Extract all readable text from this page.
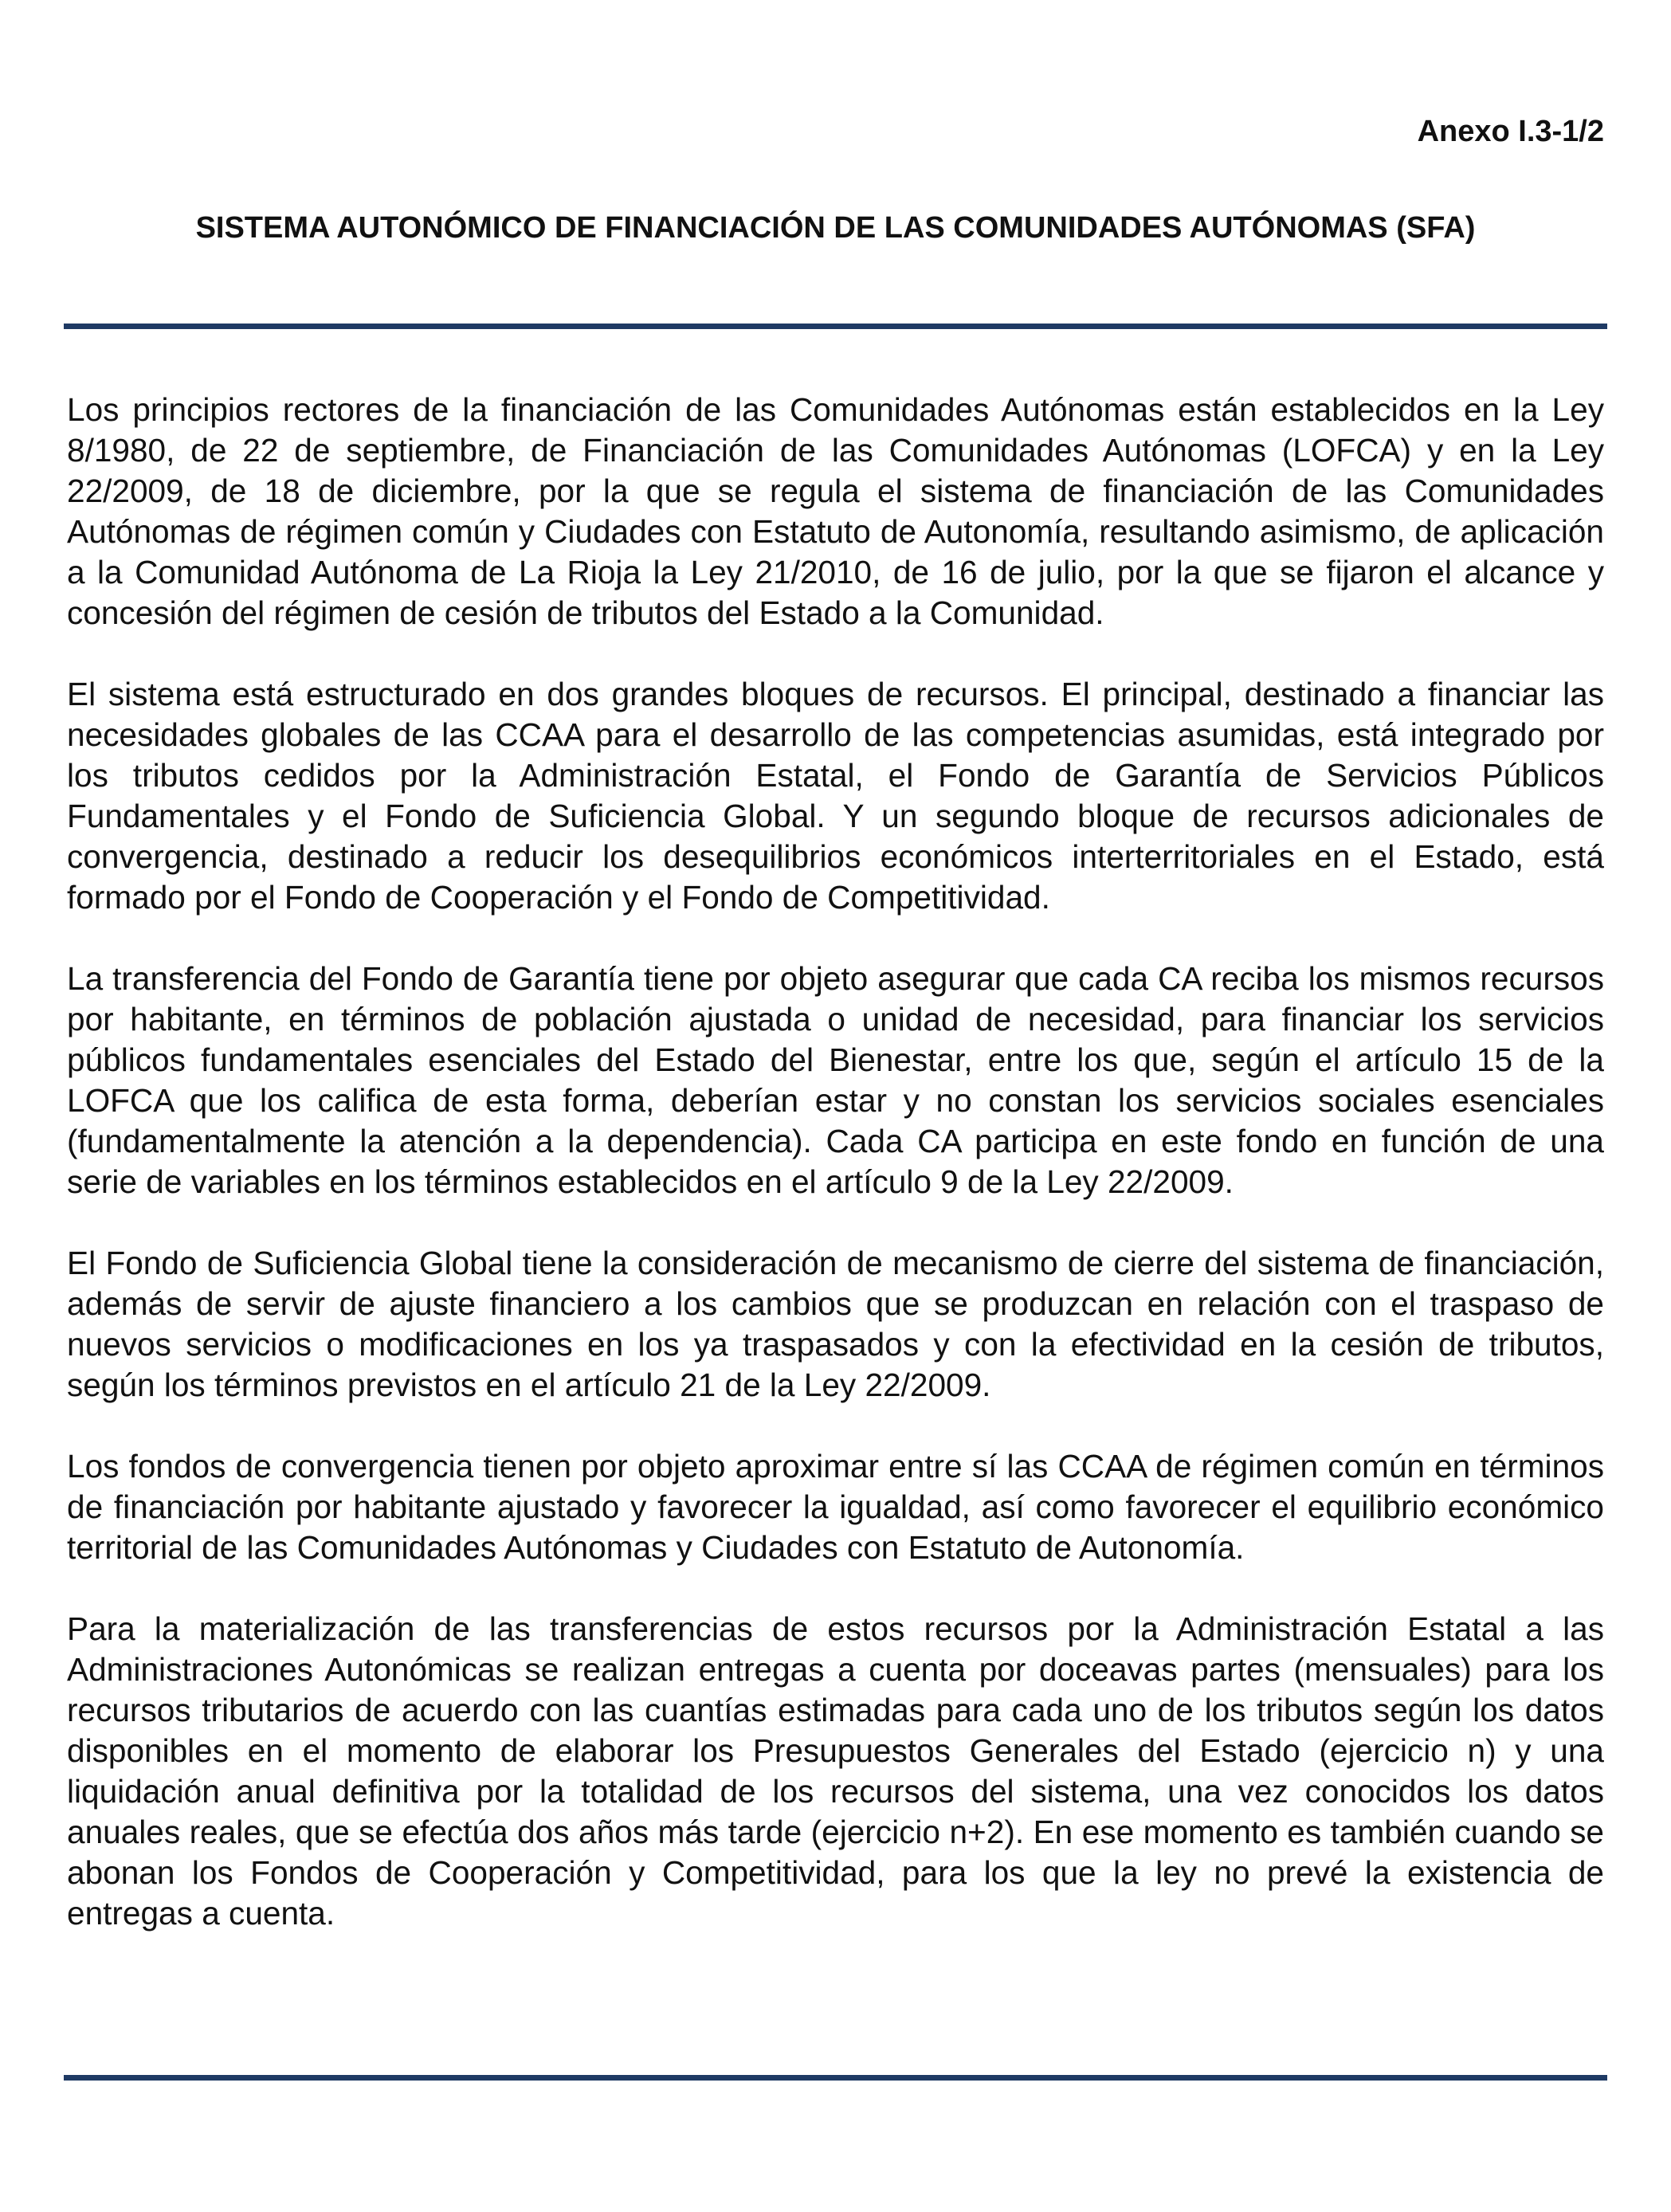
Anexo I.3-1/2
SISTEMA AUTONÓMICO DE FINANCIACIÓN DE LAS COMUNIDADES AUTÓNOMAS (SFA)

Los principios rectores de la financiación de las Comunidades Autónomas están establecidos en la Ley 8/1980, de 22 de septiembre, de Financiación de las Comunidades Autónomas (LOFCA) y en la Ley 22/2009, de 18 de diciembre, por la que se regula el sistema de financiación de las Comunidades Autónomas de régimen común y Ciudades con Estatuto de Autonomía, resultando asimismo, de aplicación a la Comunidad Autónoma de La Rioja la Ley 21/2010, de 16 de julio, por la que se fijaron el alcance y concesión del régimen de cesión de tributos del Estado a la Comunidad.

El sistema está estructurado en dos grandes bloques de recursos. El principal, destinado a financiar las necesidades globales de las CCAA para el desarrollo de las competencias asumidas, está integrado por los tributos cedidos por la Administración Estatal, el Fondo de Garantía de Servicios Públicos Fundamentales y el Fondo de Suficiencia Global. Y un segundo bloque de recursos adicionales de convergencia, destinado a reducir los desequilibrios económicos interterritoriales en el Estado, está formado por el Fondo de Cooperación y el Fondo de Competitividad.

La transferencia del Fondo de Garantía tiene por objeto asegurar que cada CA reciba los mismos recursos por habitante, en términos de población ajustada o unidad de necesidad, para financiar los servicios públicos fundamentales esenciales del Estado del Bienestar, entre los que, según el artículo 15 de la LOFCA que los califica de esta forma, deberían estar y no constan los servicios sociales esenciales (fundamentalmente la atención a la dependencia). Cada CA participa en este fondo en función de una serie de variables en los términos establecidos en el artículo 9 de la Ley 22/2009.

El Fondo de Suficiencia Global tiene la consideración de mecanismo de cierre del sistema de financiación, además de servir de ajuste financiero a los cambios que se produzcan en relación con el traspaso de nuevos servicios o modificaciones en los ya traspasados y con la efectividad en la cesión de tributos, según los términos previstos en el artículo 21 de la Ley 22/2009.

Los fondos de convergencia tienen por objeto aproximar entre sí las CCAA de régimen común en términos de financiación por habitante ajustado y favorecer la igualdad, así como favorecer el equilibrio económico territorial de las Comunidades Autónomas y Ciudades con Estatuto de Autonomía.

Para la materialización de las transferencias de estos recursos por la Administración Estatal a las Administraciones Autonómicas se realizan entregas a cuenta por doceavas partes (mensuales) para los recursos tributarios de acuerdo con las cuantías estimadas para cada uno de los tributos según los datos disponibles en el momento de elaborar los Presupuestos Generales del Estado (ejercicio n) y una liquidación anual definitiva por la totalidad de los recursos del sistema, una vez conocidos los datos anuales reales, que se efectúa dos años más tarde (ejercicio n+2). En ese momento es también cuando se abonan los Fondos de Cooperación y Competitividad, para los que la ley no prevé la existencia de entregas a cuenta.
